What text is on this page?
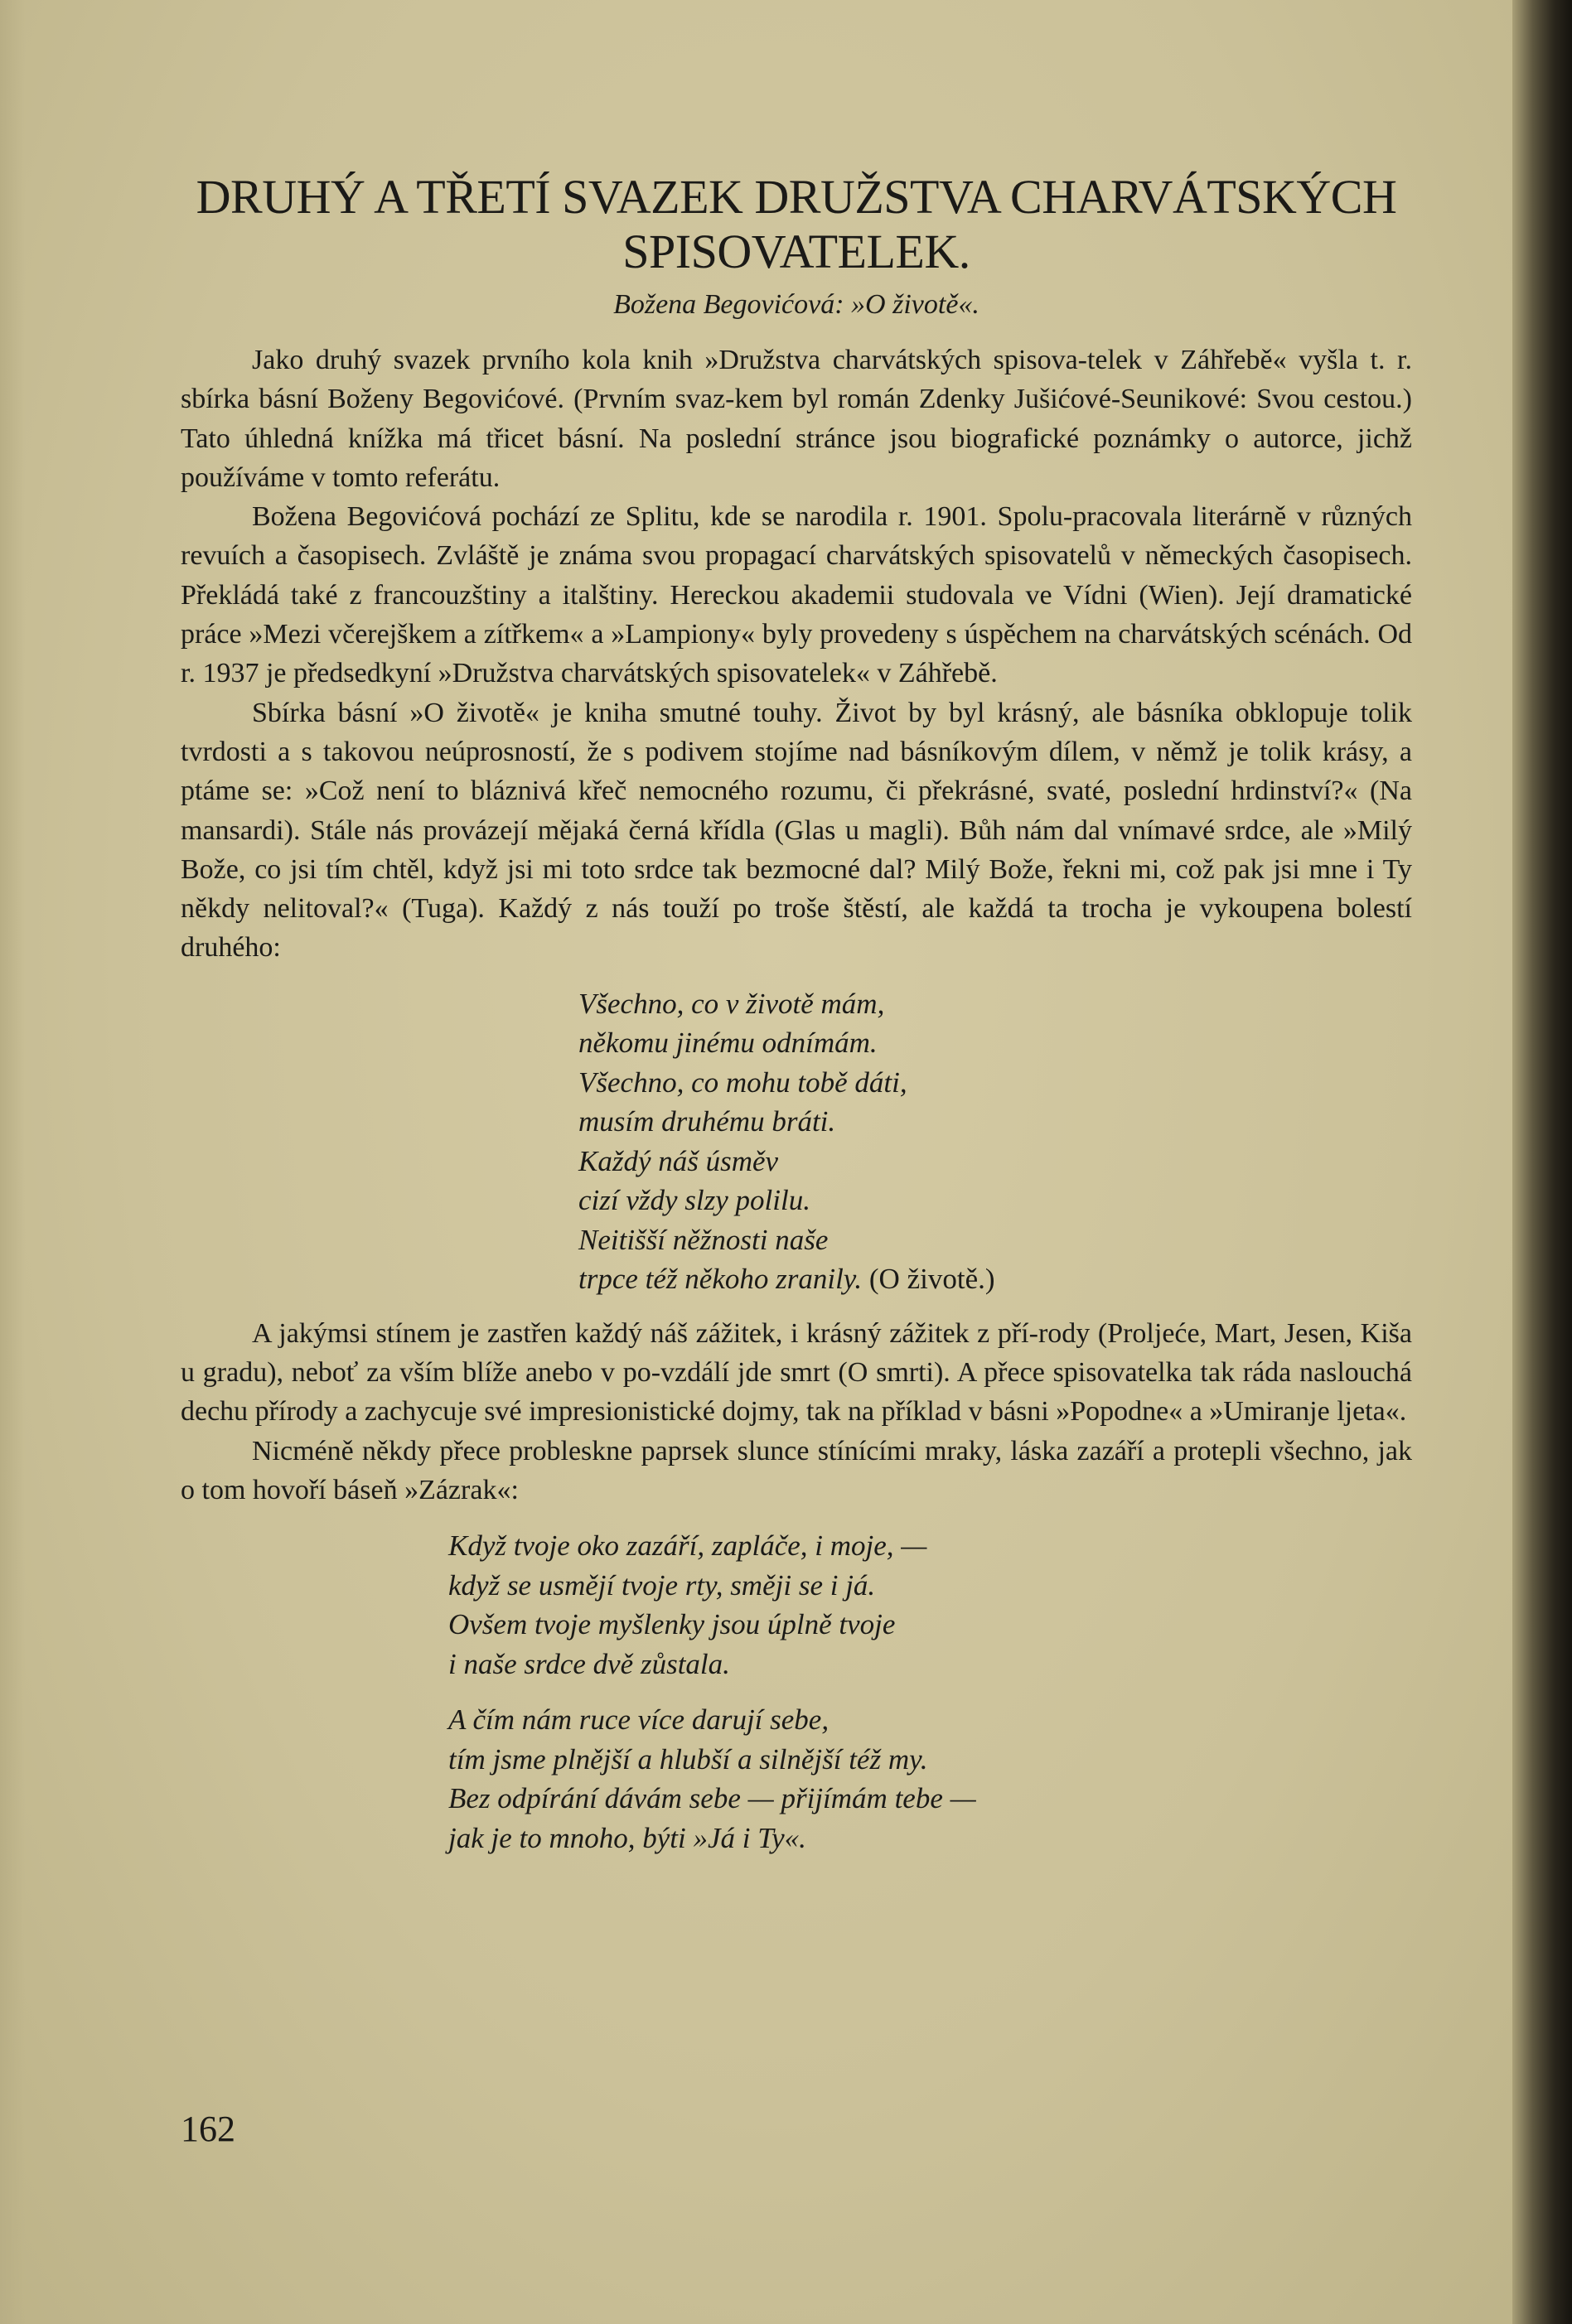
DRUHÝ A TŘETÍ SVAZEK DRUŽSTVA CHARVÁTSKÝCH SPISOVATELEK.
Božena Begovićová: »O životě«.

Jako druhý svazek prvního kola knih »Družstva charvátských spisova-telek v Záhřebě« vyšla t. r. sbírka básní Boženy Begovićové. (Prvním svaz-kem byl román Zdenky Jušićové-Seunikové: Svou cestou.) Tato úhledná knížka má třicet básní. Na poslední stránce jsou biografické poznámky o autorce, jichž používáme v tomto referátu.

Božena Begovićová pochází ze Splitu, kde se narodila r. 1901. Spolu-pracovala literárně v různých revuích a časopisech. Zvláště je známa svou propagací charvátských spisovatelů v německých časopisech. Překládá také z francouzštiny a italštiny. Hereckou akademii studovala ve Vídni (Wien). Její dramatické práce »Mezi včerejškem a zítřkem« a »Lampiony« byly provedeny s úspěchem na charvátských scénách. Od r. 1937 je předsedkyní »Družstva charvátských spisovatelek« v Záhřebě.

Sbírka básní »O životě« je kniha smutné touhy. Život by byl krásný, ale básníka obklopuje tolik tvrdosti a s takovou neúprosností, že s podivem stojíme nad básníkovým dílem, v němž je tolik krásy, a ptáme se: »Což není to bláznivá křeč nemocného rozumu, či překrásné, svaté, poslední hrdinství?« (Na mansardi). Stále nás provázejí mějaká černá křídla (Glas u magli). Bůh nám dal vnímavé srdce, ale »Milý Bože, co jsi tím chtěl, když jsi mi toto srdce tak bezmocné dal? Milý Bože, řekni mi, což pak jsi mne i Ty někdy nelitoval?« (Tuga). Každý z nás touží po troše štěstí, ale každá ta trocha je vykoupena bolestí druhého:

Všechno, co v životě mám,
někomu jinému odnímám.
Všechno, co mohu tobě dáti,
musím druhému bráti.
Každý náš úsměv
cizí vždy slzy polilu.
Neitišší něžnosti naše
trpce též někoho zranily. (O životě.)

A jakýmsi stínem je zastřen každý náš zážitek, i krásný zážitek z pří-rody (Proljeće, Mart, Jesen, Kiša u gradu), neboť za vším blíže anebo v po-vzdálí jde smrt (O smrti). A přece spisovatelka tak ráda naslouchá dechu přírody a zachycuje své impresionistické dojmy, tak na příklad v básni »Popodne« a »Umiranje ljeta«.

Nicméně někdy přece probleskne paprsek slunce stínícími mraky, láska zazáří a protepli všechno, jak o tom hovoří báseň »Zázrak«:

Když tvoje oko zazáří, zapláče, i moje, —
když se usmějí tvoje rty, směji se i já.
Ovšem tvoje myšlenky jsou úplně tvoje
i naše srdce dvě zůstala.
A čím nám ruce více darují sebe,
tím jsme plnější a hlubší a silnější též my.
Bez odpírání dávám sebe — přijímám tebe —
jak je to mnoho, býti »Já i Ty«.
162
